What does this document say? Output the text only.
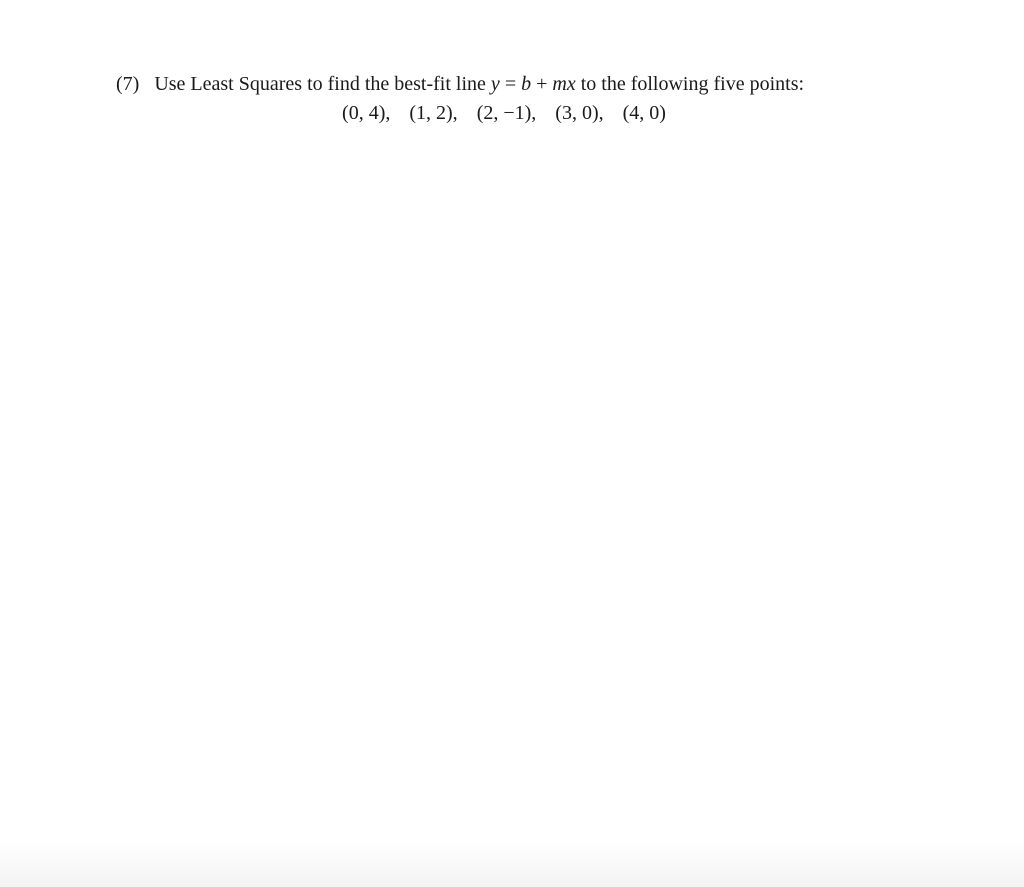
(7) Use Least Squares to find the best-fit line y = b + mx to the following five points:
(0, 4), (1, 2), (2, −1), (3, 0), (4, 0)
